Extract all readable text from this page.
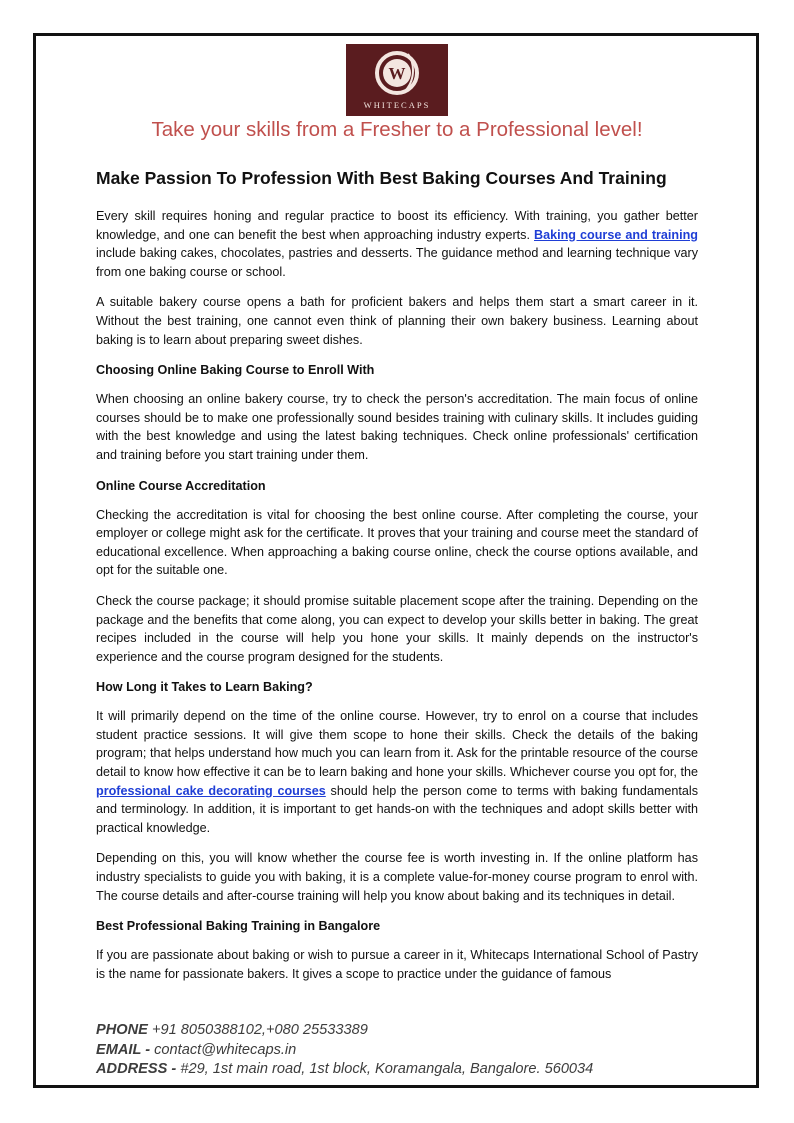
W
WHITECAPS
Take your skills from a Fresher to a Professional level!
Make Passion To Profession With Best Baking Courses And Training

Every skill requires honing and regular practice to boost its efficiency. With training, you gather better knowledge, and one can benefit the best when approaching industry experts. Baking course and training include baking cakes, chocolates, pastries and desserts. The guidance method and learning technique vary from one baking course or school.

A suitable bakery course opens a bath for proficient bakers and helps them start a smart career in it. Without the best training, one cannot even think of planning their own bakery business. Learning about baking is to learn about preparing sweet dishes.

Choosing Online Baking Course to Enroll With

When choosing an online bakery course, try to check the person's accreditation. The main focus of online courses should be to make one professionally sound besides training with culinary skills. It includes guiding with the best knowledge and using the latest baking techniques. Check online professionals' certification and training before you start training under them.

Online Course Accreditation

Checking the accreditation is vital for choosing the best online course. After completing the course, your employer or college might ask for the certificate. It proves that your training and course meet the standard of educational excellence. When approaching a baking course online, check the course options available, and opt for the suitable one.

Check the course package; it should promise suitable placement scope after the training. Depending on the package and the benefits that come along, you can expect to develop your skills better in baking. The great recipes included in the course will help you hone your skills. It mainly depends on the instructor's experience and the course program designed for the students.

How Long it Takes to Learn Baking?

It will primarily depend on the time of the online course. However, try to enrol on a course that includes student practice sessions. It will give them scope to hone their skills. Check the details of the baking program; that helps understand how much you can learn from it. Ask for the printable resource of the course detail to know how effective it can be to learn baking and hone your skills. Whichever course you opt for, the professional cake decorating courses should help the person come to terms with baking fundamentals and terminology. In addition, it is important to get hands-on with the techniques and adopt skills better with practical knowledge.

Depending on this, you will know whether the course fee is worth investing in. If the online platform has industry specialists to guide you with baking, it is a complete value-for-money course program to enrol with. The course details and after-course training will help you know about baking and its techniques in detail.

Best Professional Baking Training in Bangalore

If you are passionate about baking or wish to pursue a career in it, Whitecaps International School of Pastry is the name for passionate bakers. It gives a scope to practice under the guidance of famous

PHONE +91 8050388102,+080 25533389
EMAIL - contact@whitecaps.in
ADDRESS - #29, 1st main road, 1st block, Koramangala, Bangalore. 560034
